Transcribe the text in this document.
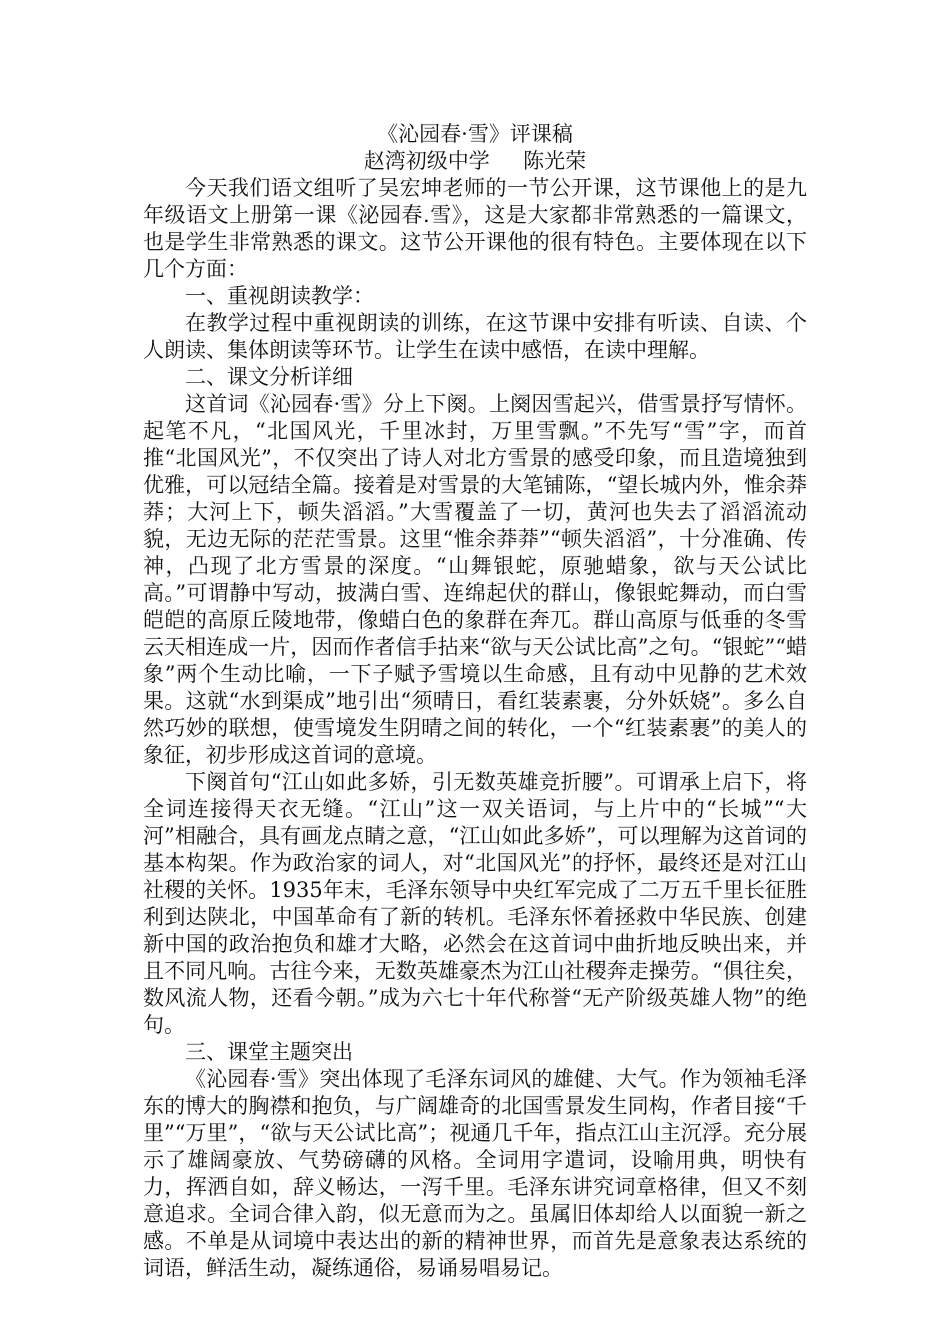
《沁园春·雪》评课稿

赵湾初级中学     陈光荣

今天我们语文组听了吴宏坤老师的一节公开课，这节课他上的是九年级语文上册第一课《泌园春.雪》，这是大家都非常熟悉的一篇课文，也是学生非常熟悉的课文。这节公开课他的很有特色。主要体现在以下几个方面：

一、重视朗读教学：

在教学过程中重视朗读的训练，在这节课中安排有听读、自读、个人朗读、集体朗读等环节。让学生在读中感悟，在读中理解。

二、课文分析详细

这首词《沁园春·雪》分上下阕。上阕因雪起兴，借雪景抒写情怀。起笔不凡，“北国风光，千里冰封，万里雪飘。”不先写“雪”字，而首推“北国风光”，不仅突出了诗人对北方雪景的感受印象，而且造境独到优雅，可以冠结全篇。接着是对雪景的大笔铺陈，“望长城内外，惟余莽莽；大河上下，顿失滔滔。”大雪覆盖了一切，黄河也失去了滔滔流动貌，无边无际的茫茫雪景。这里“惟余莽莽”“顿失滔滔”，十分准确、传神，凸现了北方雪景的深度。“山舞银蛇，原驰蜡象，欲与天公试比高。”可谓静中写动，披满白雪、连绵起伏的群山，像银蛇舞动，而白雪皑皑的高原丘陵地带，像蜡白色的象群在奔兀。群山高原与低垂的冬雪云天相连成一片，因而作者信手拈来“欲与天公试比高”之句。“银蛇”“蜡象”两个生动比喻，一下子赋予雪境以生命感，且有动中见静的艺术效果。这就“水到渠成”地引出“须晴日，看红装素裹，分外妖娆”。多么自然巧妙的联想，使雪境发生阴晴之间的转化，一个“红装素裹”的美人的象征，初步形成这首词的意境。

下阕首句“江山如此多娇，引无数英雄竞折腰”。可谓承上启下，将全词连接得天衣无缝。“江山”这一双关语词，与上片中的“长城”“大河”相融合，具有画龙点睛之意，“江山如此多娇”，可以理解为这首词的基本构架。作为政治家的词人，对“北国风光”的抒怀，最终还是对江山社稷的关怀。1935年末，毛泽东领导中央红军完成了二万五千里长征胜利到达陕北，中国革命有了新的转机。毛泽东怀着拯救中华民族、创建新中国的政治抱负和雄才大略，必然会在这首词中曲折地反映出来，并且不同凡响。古往今来，无数英雄豪杰为江山社稷奔走操劳。“俱往矣，数风流人物，还看今朝。”成为六七十年代称誉“无产阶级英雄人物”的绝句。

三、课堂主题突出

《沁园春·雪》突出体现了毛泽东词风的雄健、大气。作为领袖毛泽东的博大的胸襟和抱负，与广阔雄奇的北国雪景发生同构，作者目接“千里”“万里”，“欲与天公试比高”；视通几千年，指点江山主沉浮。充分展示了雄阔豪放、气势磅礴的风格。全词用字遣词，设喻用典，明快有力，挥洒自如，辞义畅达，一泻千里。毛泽东讲究词章格律，但又不刻意追求。全词合律入韵，似无意而为之。虽属旧体却给人以面貌一新之感。不单是从词境中表达出的新的精神世界，而首先是意象表达系统的词语，鲜活生动，凝练通俗，易诵易唱易记。
